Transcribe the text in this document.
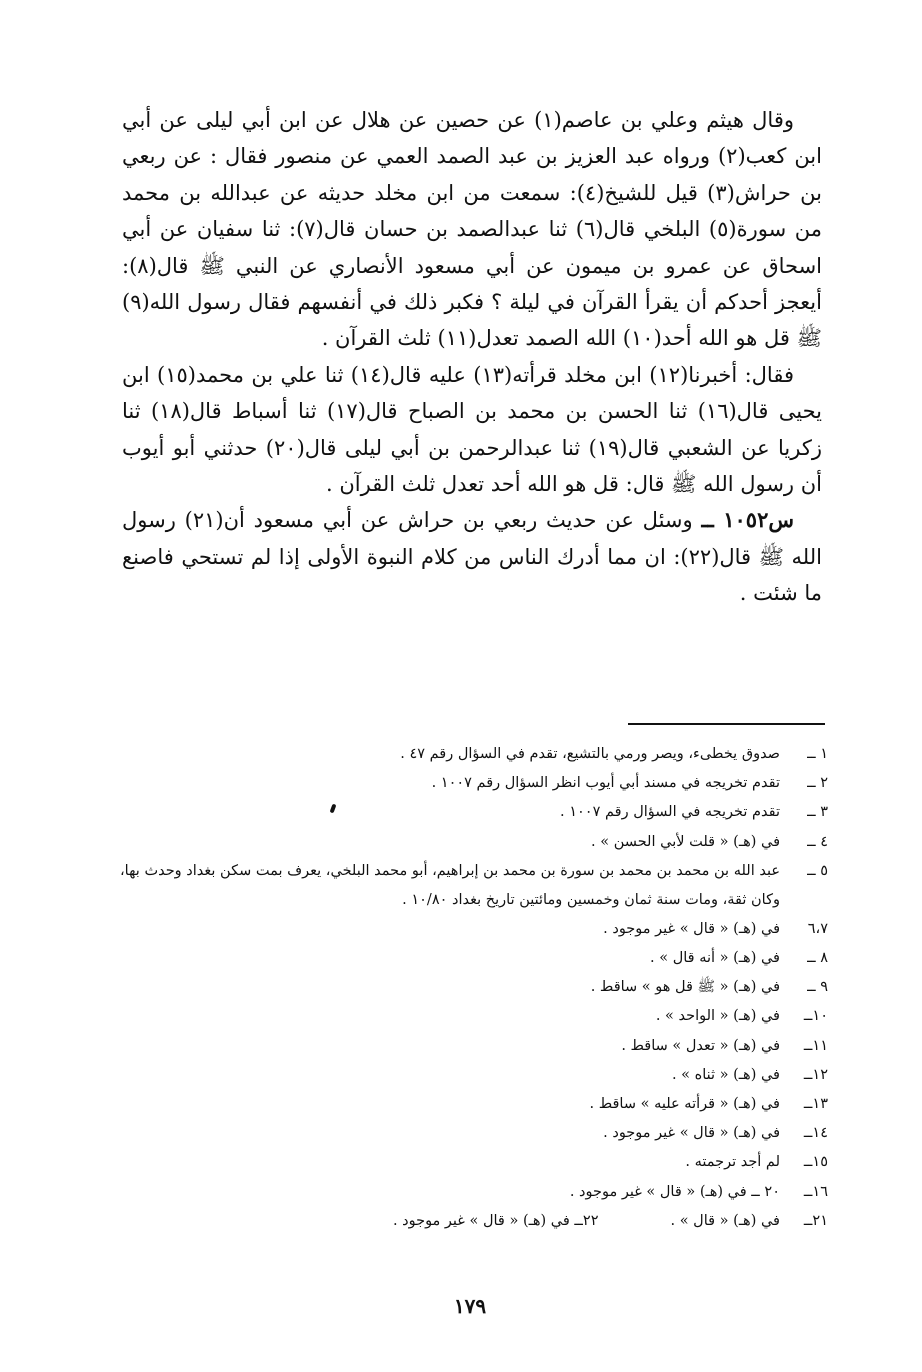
وقال هيثم وعلي بن عاصم(١) عن حصين عن هلال عن ابن أبي ليلى عن أبي ابن كعب(٢) ورواه عبد العزيز بن عبد الصمد العمي عن منصور فقال : عن ربعي بن حراش(٣) قيل للشيخ(٤): سمعت من ابن مخلد حديثه عن عبدالله بن محمد من سورة(٥) البلخي قال(٦) ثنا عبدالصمد بن حسان قال(٧): ثنا سفيان عن أبي اسحاق عن عمرو بن ميمون عن أبي مسعود الأنصاري عن النبي ﷺ قال(٨): أيعجز أحدكم أن يقرأ القرآن في ليلة ؟ فكبر ذلك في أنفسهم فقال رسول الله(٩) ﷺ قل هو الله أحد(١٠) الله الصمد تعدل(١١) ثلث القرآن .

فقال: أخبرنا(١٢) ابن مخلد قرأته(١٣) عليه قال(١٤) ثنا علي بن محمد(١٥) ابن يحيى قال(١٦) ثنا الحسن بن محمد بن الصباح قال(١٧) ثنا أسباط قال(١٨) ثنا زكريا عن الشعبي قال(١٩) ثنا عبدالرحمن بن أبي ليلى قال(٢٠) حدثني أبو أيوب أن رسول الله ﷺ قال: قل هو الله أحد تعدل ثلث القرآن .

س١٠٥٢ ــ وسئل عن حديث ربعي بن حراش عن أبي مسعود أن(٢١) رسول الله ﷺ قال(٢٢): ان مما أدرك الناس من كلام النبوة الأولى إذا لم تستحي فاصنع ما شئت .

١ ــ
صدوق يخطىء، ويصر ورمي بالتشيع، تقدم في السؤال رقم ٤٧ .
٢ ــ
تقدم تخريجه في مسند أبي أيوب انظر السؤال رقم ١٠٠٧ .
٣ ــ
تقدم تخريجه في السؤال رقم ١٠٠٧ .
٤ ــ
في (هـ) « قلت لأبي الحسن » .
٥ ــ
عبد الله بن محمد بن محمد بن سورة بن محمد بن إبراهيم، أبو محمد البلخي، يعرف بمت سكن بغداد وحدث بها، وكان ثقة، ومات سنة ثمان وخمسين ومائتين تاريخ بغداد ١٠/٨٠ .
٦،٧
في (هـ) « قال » غير موجود .
٨ ــ
في (هـ) « أنه قال » .
٩ ــ
في (هـ) « ﷺ قل هو » ساقط .
١٠ــ
في (هـ) « الواحد » .
١١ــ
في (هـ) « تعدل » ساقط .
١٢ــ
في (هـ) « ثناه » .
١٣ــ
في (هـ) « قرأته عليه » ساقط .
١٤ــ
في (هـ) « قال » غير موجود .
١٥ــ
لم أجد ترجمته .
١٦ــ
٢٠ ــ في (هـ) « قال » غير موجود .
٢١ــ
في (هـ) « قال » .
٢٢ــ في (هـ) « قال » غير موجود .
١٧٩
